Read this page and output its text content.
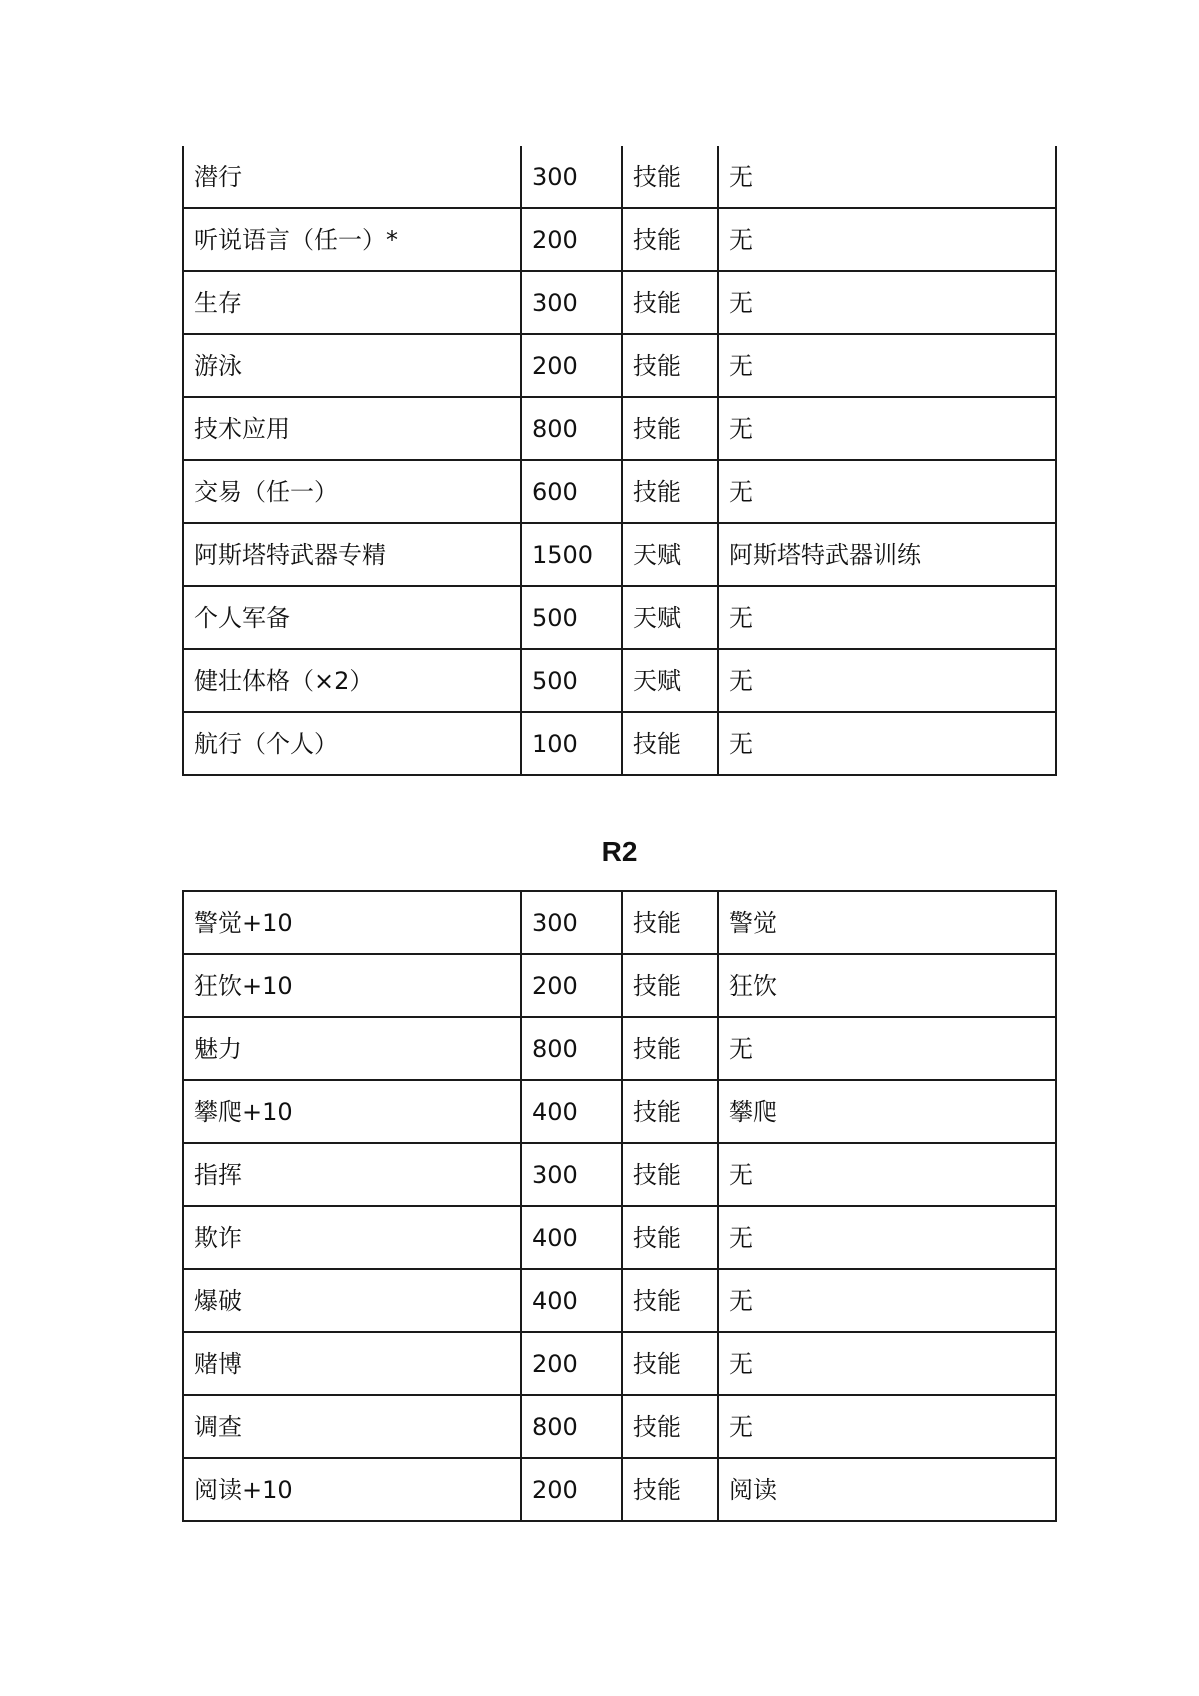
潜行	300	技能	无
听说语言（任一）*	200	技能	无
生存	300	技能	无
游泳	200	技能	无
技术应用	800	技能	无
交易（任一）	600	技能	无
阿斯塔特武器专精	1500	天赋	阿斯塔特武器训练
个人军备	500	天赋	无
健壮体格（×2）	500	天赋	无
航行（个人）	100	技能	无
R2
警觉+10	300	技能	警觉
狂饮+10	200	技能	狂饮
魅力	800	技能	无
攀爬+10	400	技能	攀爬
指挥	300	技能	无
欺诈	400	技能	无
爆破	400	技能	无
赌博	200	技能	无
调查	800	技能	无
阅读+10	200	技能	阅读
